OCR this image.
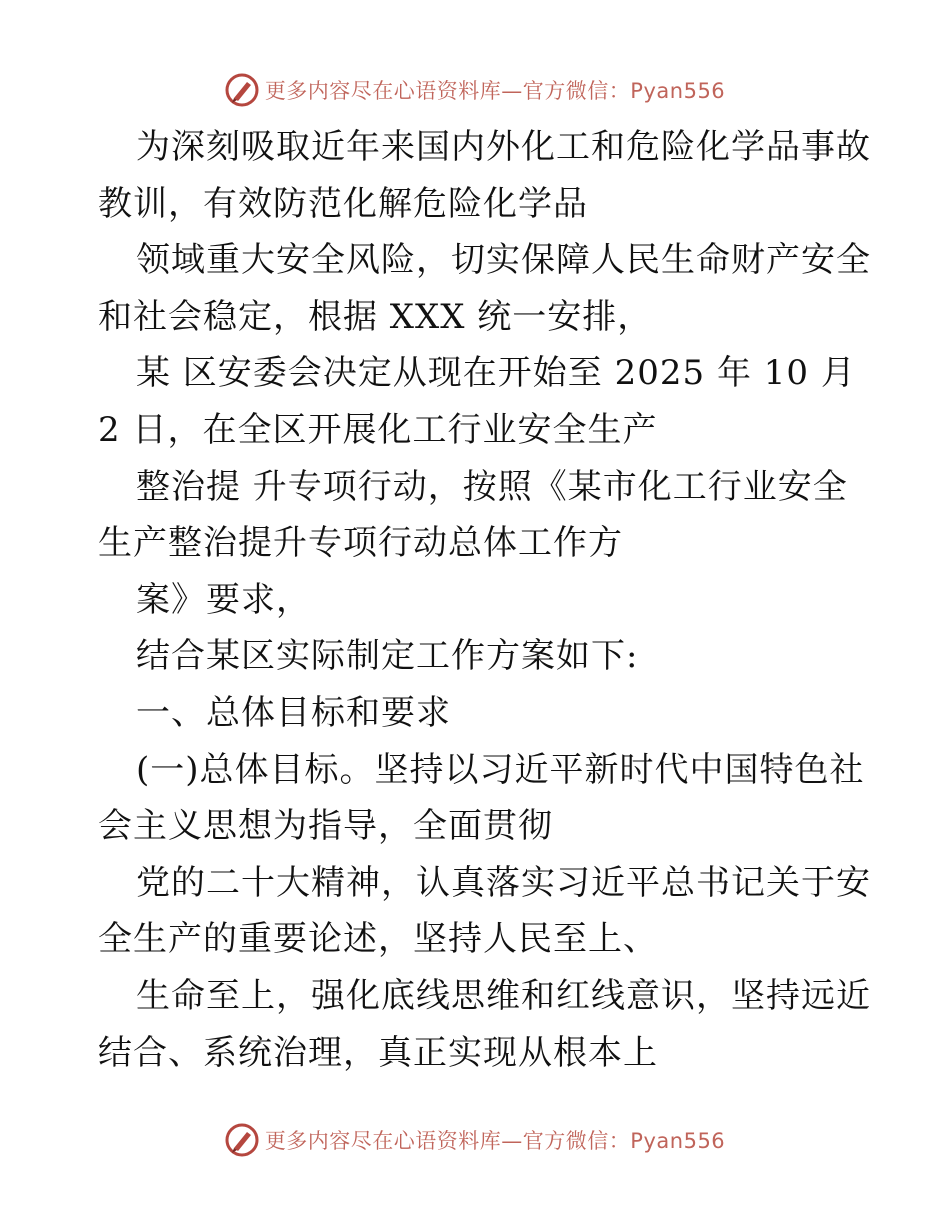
更多内容尽在心语资料库—官方微信：Pyan556
为深刻吸取近年来国内外化工和危险化学品事故
教训，有效防范化解危险化学品
领域重大安全风险，切实保障人民生命财产安全
和社会稳定，根据 XXX 统一安排，
某 区安委会决定从现在开始至 2025 年 10 月
2 日，在全区开展化工行业安全生产
整治提 升专项行动，按照《某市化工行业安全
生产整治提升专项行动总体工作方
案》要求，
结合某区实际制定工作方案如下:
一、总体目标和要求
(一)总体目标。坚持以习近平新时代中国特色社
会主义思想为指导，全面贯彻
党的二十大精神，认真落实习近平总书记关于安
全生产的重要论述，坚持人民至上、
生命至上，强化底线思维和红线意识，坚持远近
结合、系统治理，真正实现从根本上
更多内容尽在心语资料库—官方微信：Pyan556
